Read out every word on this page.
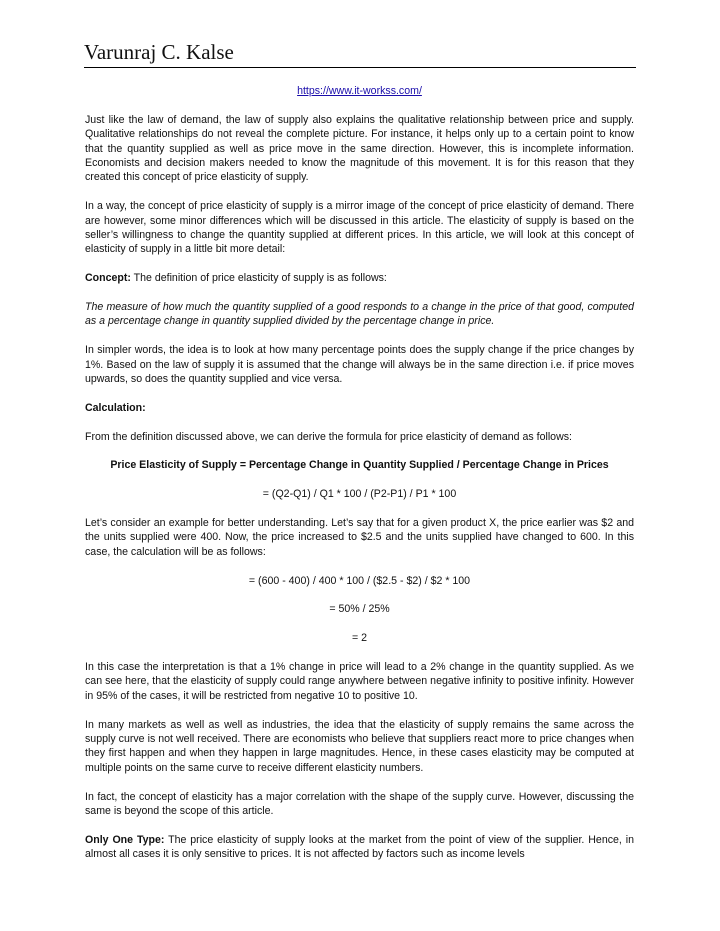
Varunraj C. Kalse

https://www.it-workss.com/

Just like the law of demand, the law of supply also explains the qualitative relationship between price and supply. Qualitative relationships do not reveal the complete picture. For instance, it helps only up to a certain point to know that the quantity supplied as well as price move in the same direction. However, this is incomplete information. Economists and decision makers needed to know the magnitude of this movement. It is for this reason that they created this concept of price elasticity of supply.

In a way, the concept of price elasticity of supply is a mirror image of the concept of price elasticity of demand. There are however, some minor differences which will be discussed in this article. The elasticity of supply is based on the seller’s willingness to change the quantity supplied at different prices. In this article, we will look at this concept of elasticity of supply in a little bit more detail:

Concept: The definition of price elasticity of supply is as follows:

The measure of how much the quantity supplied of a good responds to a change in the price of that good, computed as a percentage change in quantity supplied divided by the percentage change in price.

In simpler words, the idea is to look at how many percentage points does the supply change if the price changes by 1%. Based on the law of supply it is assumed that the change will always be in the same direction i.e. if price moves upwards, so does the quantity supplied and vice versa.

Calculation:

From the definition discussed above, we can derive the formula for price elasticity of demand as follows:

Price Elasticity of Supply = Percentage Change in Quantity Supplied / Percentage Change in Prices

= (Q2-Q1) / Q1 * 100 / (P2-P1) / P1 * 100

Let’s consider an example for better understanding. Let’s say that for a given product X, the price earlier was $2 and the units supplied were 400. Now, the price increased to $2.5 and the units supplied have changed to 600. In this case, the calculation will be as follows:

= (600 - 400) / 400 * 100 / ($2.5 - $2) / $2 * 100

= 50% / 25%

= 2

In this case the interpretation is that a 1% change in price will lead to a 2% change in the quantity supplied. As we can see here, that the elasticity of supply could range anywhere between negative infinity to positive infinity. However in 95% of the cases, it will be restricted from negative 10 to positive 10.

In many markets as well as well as industries, the idea that the elasticity of supply remains the same across the supply curve is not well received. There are economists who believe that suppliers react more to price changes when they first happen and when they happen in large magnitudes. Hence, in these cases elasticity may be computed at multiple points on the same curve to receive different elasticity numbers.

In fact, the concept of elasticity has a major correlation with the shape of the supply curve. However, discussing the same is beyond the scope of this article.

Only One Type: The price elasticity of supply looks at the market from the point of view of the supplier. Hence, in almost all cases it is only sensitive to prices. It is not affected by factors such as income levels
